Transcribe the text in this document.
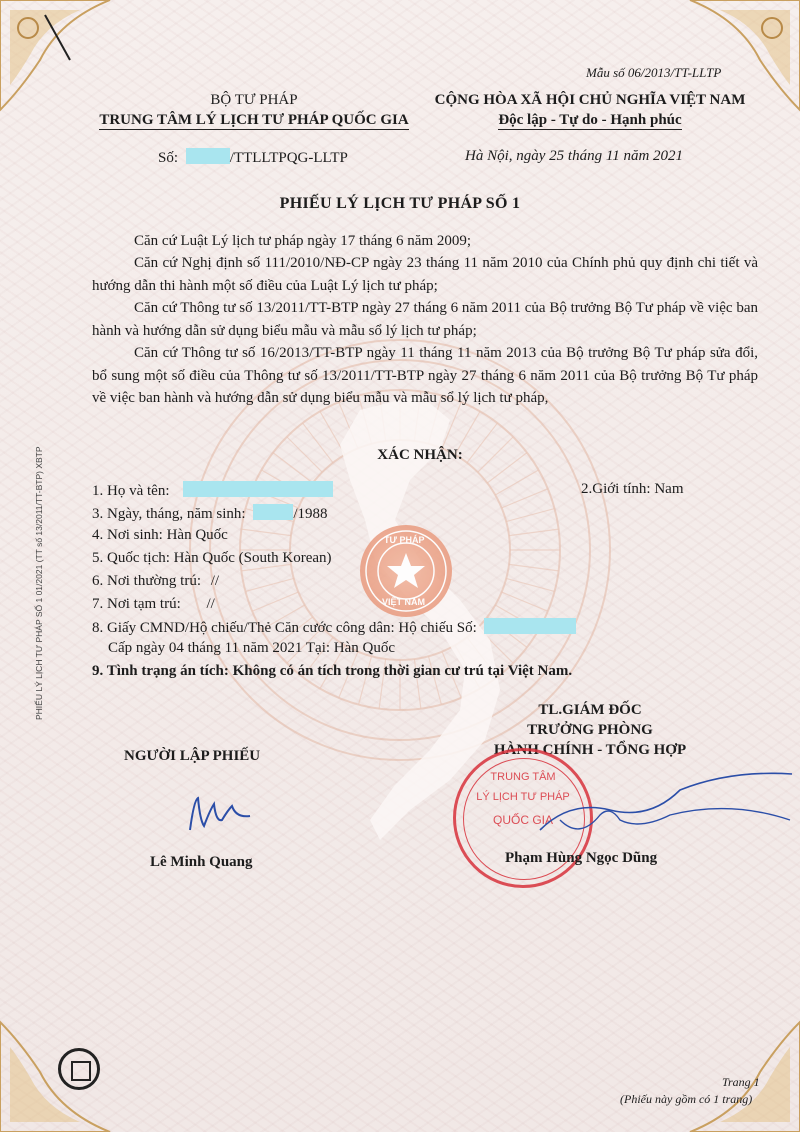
TƯ PHÁP
VIỆT NAM
PHIẾU LÝ LỊCH TƯ PHÁP SỐ 1 01/2021 (TT số 13/2011/TT-BTP) XBTP
Mẫu số 06/2013/TT-LLTP
BỘ TƯ PHÁP
TRUNG TÂM LÝ LỊCH TƯ PHÁP QUỐC GIA
CỘNG HÒA XÃ HỘI CHỦ NGHĨA VIỆT NAM
Độc lập - Tự do - Hạnh phúc
Số:	/TTLLTPQG-LLTP	Hà Nội, ngày 25 tháng 11 năm 2021
PHIẾU LÝ LỊCH TƯ PHÁP SỐ 1
Căn cứ Luật Lý lịch tư pháp ngày 17 tháng 6 năm 2009;
Căn cứ Nghị định số 111/2010/NĐ-CP ngày 23 tháng 11 năm 2010 của Chính phủ quy định chi tiết và hướng dẫn thi hành một số điều của Luật Lý lịch tư pháp;
Căn cứ Thông tư số 13/2011/TT-BTP ngày 27 tháng 6 năm 2011 của Bộ trưởng Bộ Tư pháp về việc ban hành và hướng dẫn sử dụng biểu mẫu và mẫu sổ lý lịch tư pháp;
Căn cứ Thông tư số 16/2013/TT-BTP ngày 11 tháng 11 năm 2013 của Bộ trưởng Bộ Tư pháp sửa đổi, bổ sung một số điều của Thông tư số 13/2011/TT-BTP ngày 27 tháng 6 năm 2011 của Bộ trưởng Bộ Tư pháp về việc ban hành và hướng dẫn sử dụng biểu mẫu và mẫu sổ lý lịch tư pháp,
XÁC NHẬN:
1. Họ và tên:	2.Giới tính: Nam
3. Ngày, tháng, năm sinh:	/1988
4. Nơi sinh: Hàn Quốc
5. Quốc tịch: Hàn Quốc (South Korean)
6. Nơi thường trú: //
7. Nơi tạm trú: //
8. Giấy CMND/Hộ chiếu/Thẻ Căn cước công dân: Hộ chiếu Số:
Cấp ngày 04 tháng 11 năm 2021 Tại: Hàn Quốc
9. Tình trạng án tích: Không có án tích trong thời gian cư trú tại Việt Nam.
TL.GIÁM ĐỐC
TRƯỞNG PHÒNG
HÀNH CHÍNH - TỔNG HỢP
NGƯỜI LẬP PHIẾU
TRUNG TÂM
LÝ LỊCH TƯ PHÁP
QUỐC GIA
Lê Minh Quang	Phạm Hùng Ngọc Dũng
Trang 1
(Phiếu này gồm có 1 trang)
